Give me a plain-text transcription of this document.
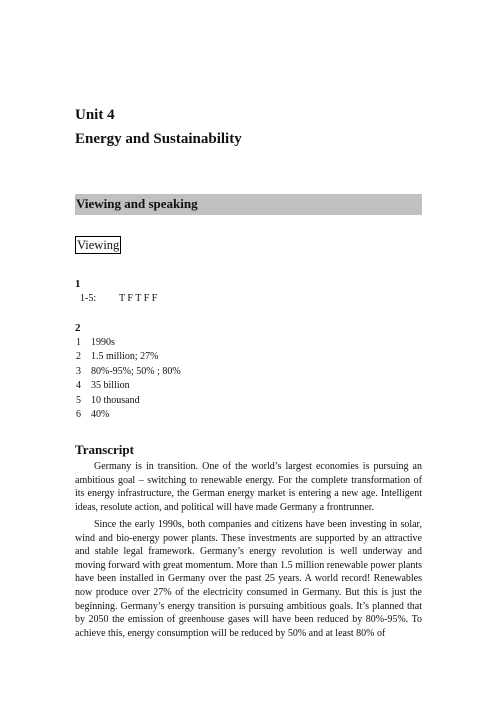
Unit 4
Energy and Sustainability
Viewing and speaking
Viewing
1
1-5: T F T F F
2
1 1990s
2 1.5 million; 27%
3 80%-95%; 50% ; 80%
4 35 billion
5 10 thousand
6 40%
Transcript

Germany is in transition. One of the world’s largest economies is pursuing an ambitious goal – switching to renewable energy. For the complete transformation of its energy infrastructure, the German energy market is entering a new age. Intelligent ideas, resolute action, and political will have made Germany a frontrunner.

Since the early 1990s, both companies and citizens have been investing in solar, wind and bio-energy power plants. These investments are supported by an attractive and stable legal framework. Germany’s energy revolution is well underway and moving forward with great momentum. More than 1.5 million renewable power plants have been installed in Germany over the past 25 years. A world record! Renewables now produce over 27% of the electricity consumed in Germany. But this is just the beginning. Germany’s energy transition is pursuing ambitious goals. It’s planned that by 2050 the emission of greenhouse gases will have been reduced by 80%-95%. To achieve this, energy consumption will be reduced by 50% and at least 80% of
